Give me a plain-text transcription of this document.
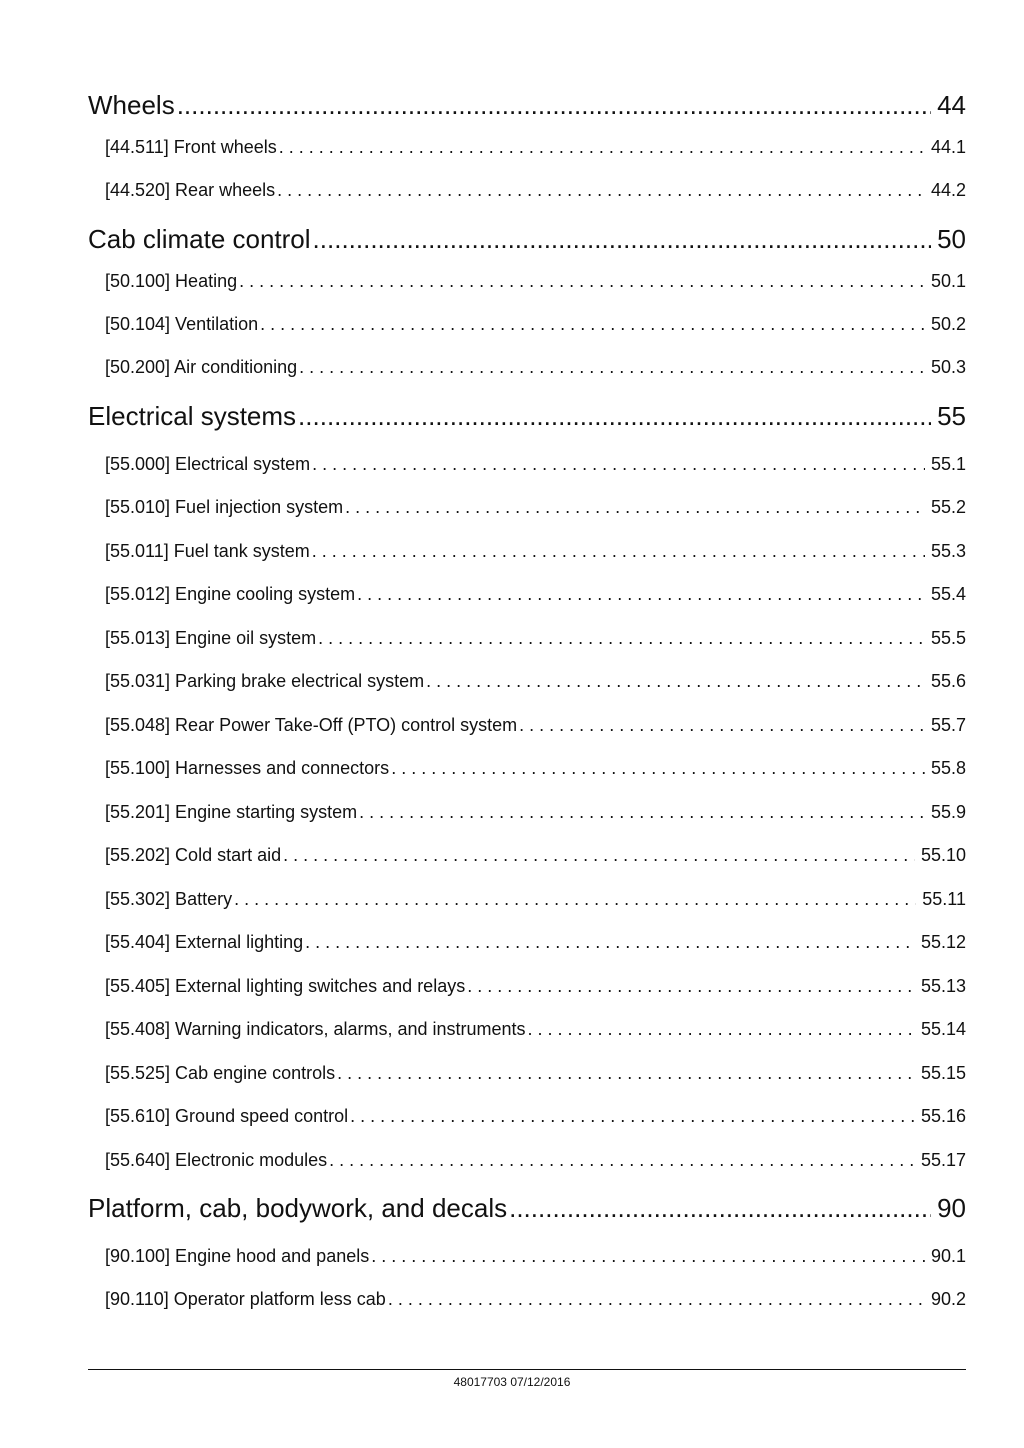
Wheels .....	44
[44.511] Front wheels . . .	44.1
[44.520] Rear wheels . . .	44.2
Cab climate control .....	50
[50.100] Heating . . .	50.1
[50.104] Ventilation . . .	50.2
[50.200] Air conditioning . . .	50.3
Electrical systems .....	55
[55.000] Electrical system . . .	55.1
[55.010] Fuel injection system . . .	55.2
[55.011] Fuel tank system . . .	55.3
[55.012] Engine cooling system . . .	55.4
[55.013] Engine oil system . . .	55.5
[55.031] Parking brake electrical system . . .	55.6
[55.048] Rear Power Take-Off (PTO) control system . . .	55.7
[55.100] Harnesses and connectors . . .	55.8
[55.201] Engine starting system . . .	55.9
[55.202] Cold start aid . . .	55.10
[55.302] Battery . . .	55.11
[55.404] External lighting . . .	55.12
[55.405] External lighting switches and relays . . .	55.13
[55.408] Warning indicators, alarms, and instruments . . .	55.14
[55.525] Cab engine controls . . .	55.15
[55.610] Ground speed control . . .	55.16
[55.640] Electronic modules . . .	55.17
Platform, cab, bodywork, and decals .....	90
[90.100] Engine hood and panels . . .	90.1
[90.110] Operator platform less cab . . .	90.2
48017703 07/12/2016
